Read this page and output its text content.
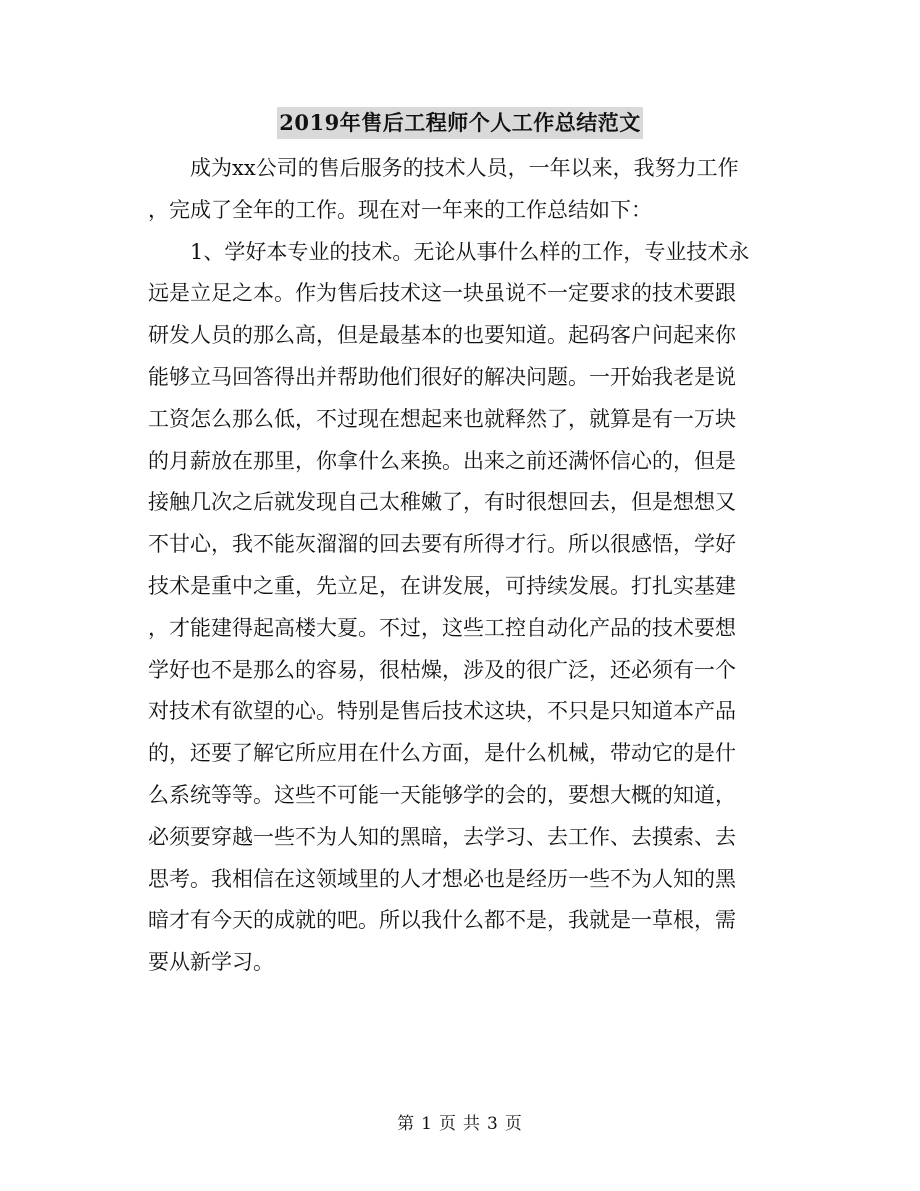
2019年售后工程师个人工作总结范文
　　成为xx公司的售后服务的技术人员，一年以来，我努力工作
，完成了全年的工作。现在对一年来的工作总结如下：
　　1、学好本专业的技术。无论从事什么样的工作，专业技术永
远是立足之本。作为售后技术这一块虽说不一定要求的技术要跟
研发人员的那么高，但是最基本的也要知道。起码客户问起来你
能够立马回答得出并帮助他们很好的解决问题。一开始我老是说
工资怎么那么低，不过现在想起来也就释然了，就算是有一万块
的月薪放在那里，你拿什么来换。出来之前还满怀信心的，但是
接触几次之后就发现自己太稚嫩了，有时很想回去，但是想想又
不甘心，我不能灰溜溜的回去要有所得才行。所以很感悟，学好
技术是重中之重，先立足，在讲发展，可持续发展。打扎实基建
，才能建得起高楼大夏。不过，这些工控自动化产品的技术要想
学好也不是那么的容易，很枯燥，涉及的很广泛，还必须有一个
对技术有欲望的心。特别是售后技术这块，不只是只知道本产品
的，还要了解它所应用在什么方面，是什么机械，带动它的是什
么系统等等。这些不可能一天能够学的会的，要想大概的知道，
必须要穿越一些不为人知的黑暗，去学习、去工作、去摸索、去
思考。我相信在这领域里的人才想必也是经历一些不为人知的黑
暗才有今天的成就的吧。所以我什么都不是，我就是一草根，需
要从新学习。
第 1 页 共 3 页
